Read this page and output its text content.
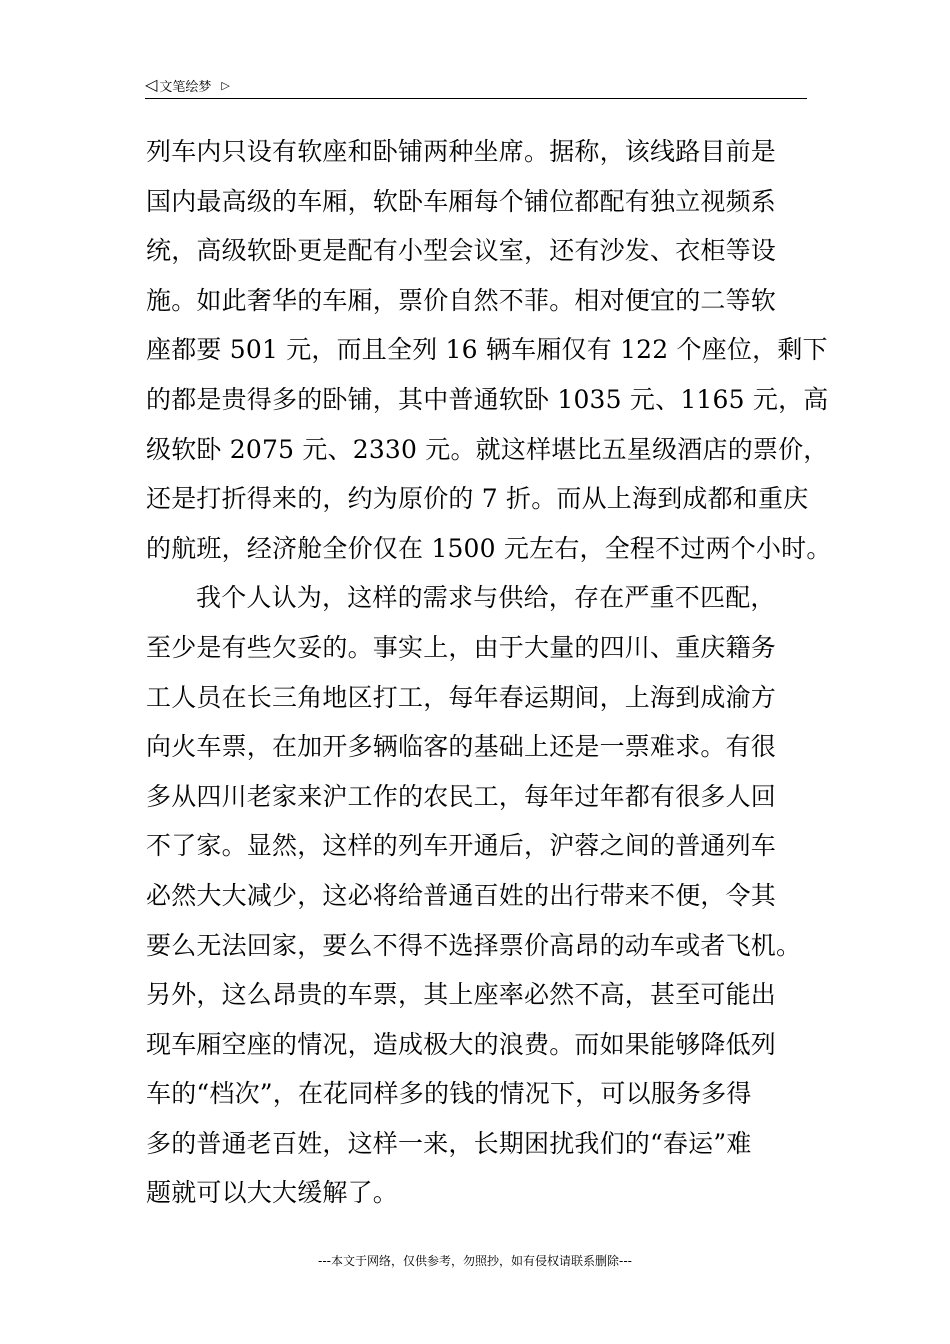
◁ 文笔绘梦 ▷
列车内只设有软座和卧铺两种坐席。据称，该线路目前是
国内最高级的车厢，软卧车厢每个铺位都配有独立视频系
统，高级软卧更是配有小型会议室，还有沙发、衣柜等设
施。如此奢华的车厢，票价自然不菲。相对便宜的二等软
座都要 501 元，而且全列 16 辆车厢仅有 122 个座位，剩下
的都是贵得多的卧铺，其中普通软卧 1035 元、1165 元，高
级软卧 2075 元、2330 元。就这样堪比五星级酒店的票价，
还是打折得来的，约为原价的 7 折。而从上海到成都和重庆
的航班，经济舱全价仅在 1500 元左右，全程不过两个小时。
我个人认为，这样的需求与供给，存在严重不匹配，
至少是有些欠妥的。事实上，由于大量的四川、重庆籍务
工人员在长三角地区打工，每年春运期间，上海到成渝方
向火车票，在加开多辆临客的基础上还是一票难求。有很
多从四川老家来沪工作的农民工，每年过年都有很多人回
不了家。显然，这样的列车开通后，沪蓉之间的普通列车
必然大大减少，这必将给普通百姓的出行带来不便，令其
要么无法回家，要么不得不选择票价高昂的动车或者飞机。
另外，这么昂贵的车票，其上座率必然不高，甚至可能出
现车厢空座的情况，造成极大的浪费。而如果能够降低列
车的“档次”，在花同样多的钱的情况下，可以服务多得
多的普通老百姓，这样一来，长期困扰我们的“春运”难
题就可以大大缓解了。
---本文于网络，仅供参考，勿照抄，如有侵权请联系删除---
